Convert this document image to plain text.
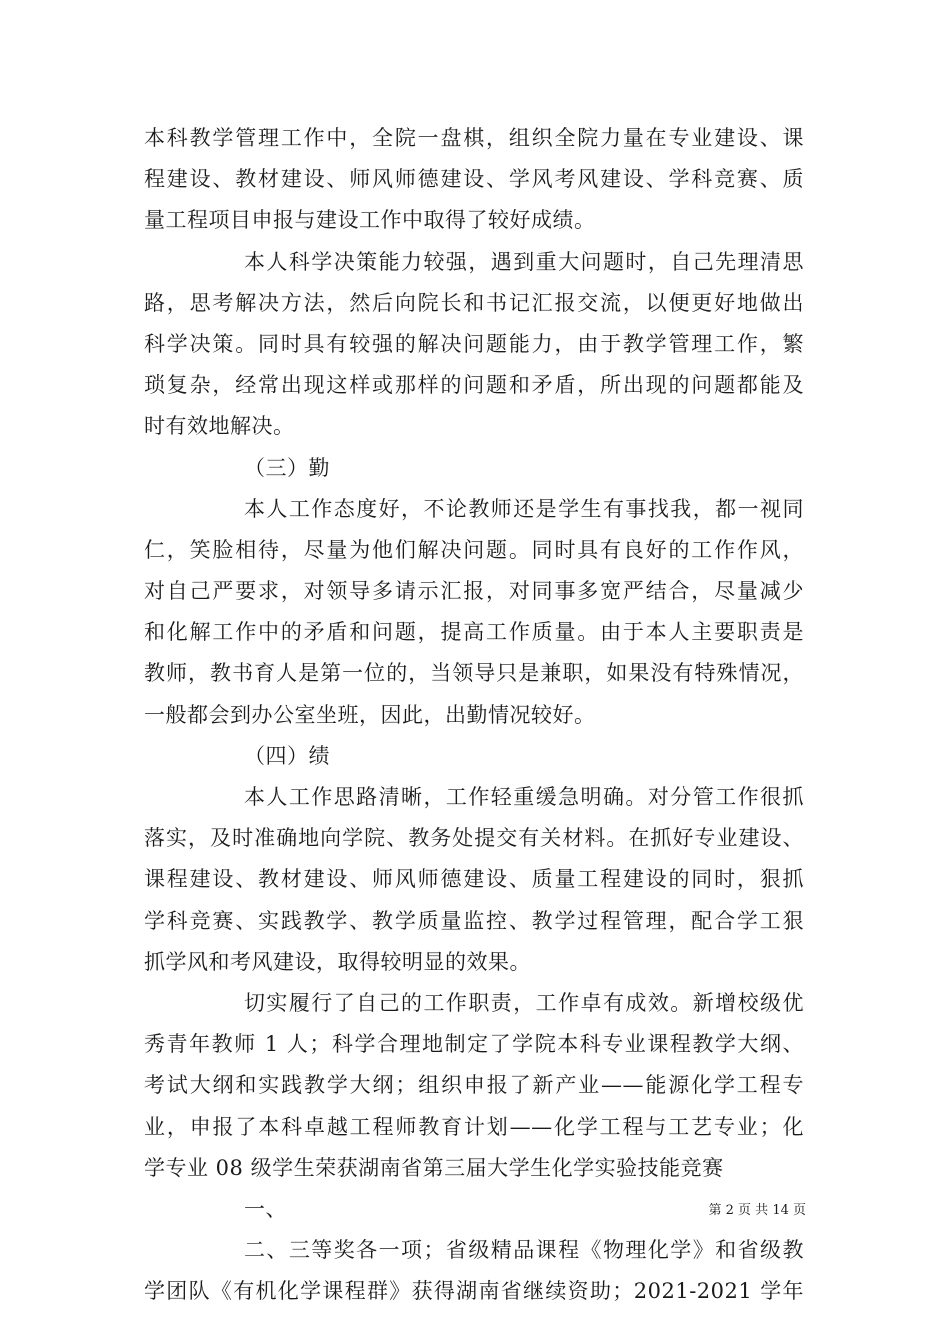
本科教学管理工作中，全院一盘棋，组织全院力量在专业建设、课
程建设、教材建设、师风师德建设、学风考风建设、学科竞赛、质
量工程项目申报与建设工作中取得了较好成绩。
本人科学决策能力较强，遇到重大问题时，自己先理清思
路，思考解决方法，然后向院长和书记汇报交流，以便更好地做出
科学决策。同时具有较强的解决问题能力，由于教学管理工作，繁
琐复杂，经常出现这样或那样的问题和矛盾，所出现的问题都能及
时有效地解决。
（三）勤
本人工作态度好，不论教师还是学生有事找我，都一视同
仁，笑脸相待，尽量为他们解决问题。同时具有良好的工作作风，
对自己严要求，对领导多请示汇报，对同事多宽严结合，尽量减少
和化解工作中的矛盾和问题，提高工作质量。由于本人主要职责是
教师，教书育人是第一位的，当领导只是兼职，如果没有特殊情况，
一般都会到办公室坐班，因此，出勤情况较好。
（四）绩
本人工作思路清晰，工作轻重缓急明确。对分管工作很抓
落实，及时准确地向学院、教务处提交有关材料。在抓好专业建设、
课程建设、教材建设、师风师德建设、质量工程建设的同时，狠抓
学科竞赛、实践教学、教学质量监控、教学过程管理，配合学工狠
抓学风和考风建设，取得较明显的效果。
切实履行了自己的工作职责，工作卓有成效。新增校级优
秀青年教师 1 人；科学合理地制定了学院本科专业课程教学大纲、
考试大纲和实践教学大纲；组织申报了新产业——能源化学工程专
业，申报了本科卓越工程师教育计划——化学工程与工艺专业；化
学专业 08 级学生荣获湖南省第三届大学生化学实验技能竞赛
一、
二、三等奖各一项；省级精品课程《物理化学》和省级教
学团队《有机化学课程群》获得湖南省继续资助；2021-2021 学年
第 2 页 共 14 页
